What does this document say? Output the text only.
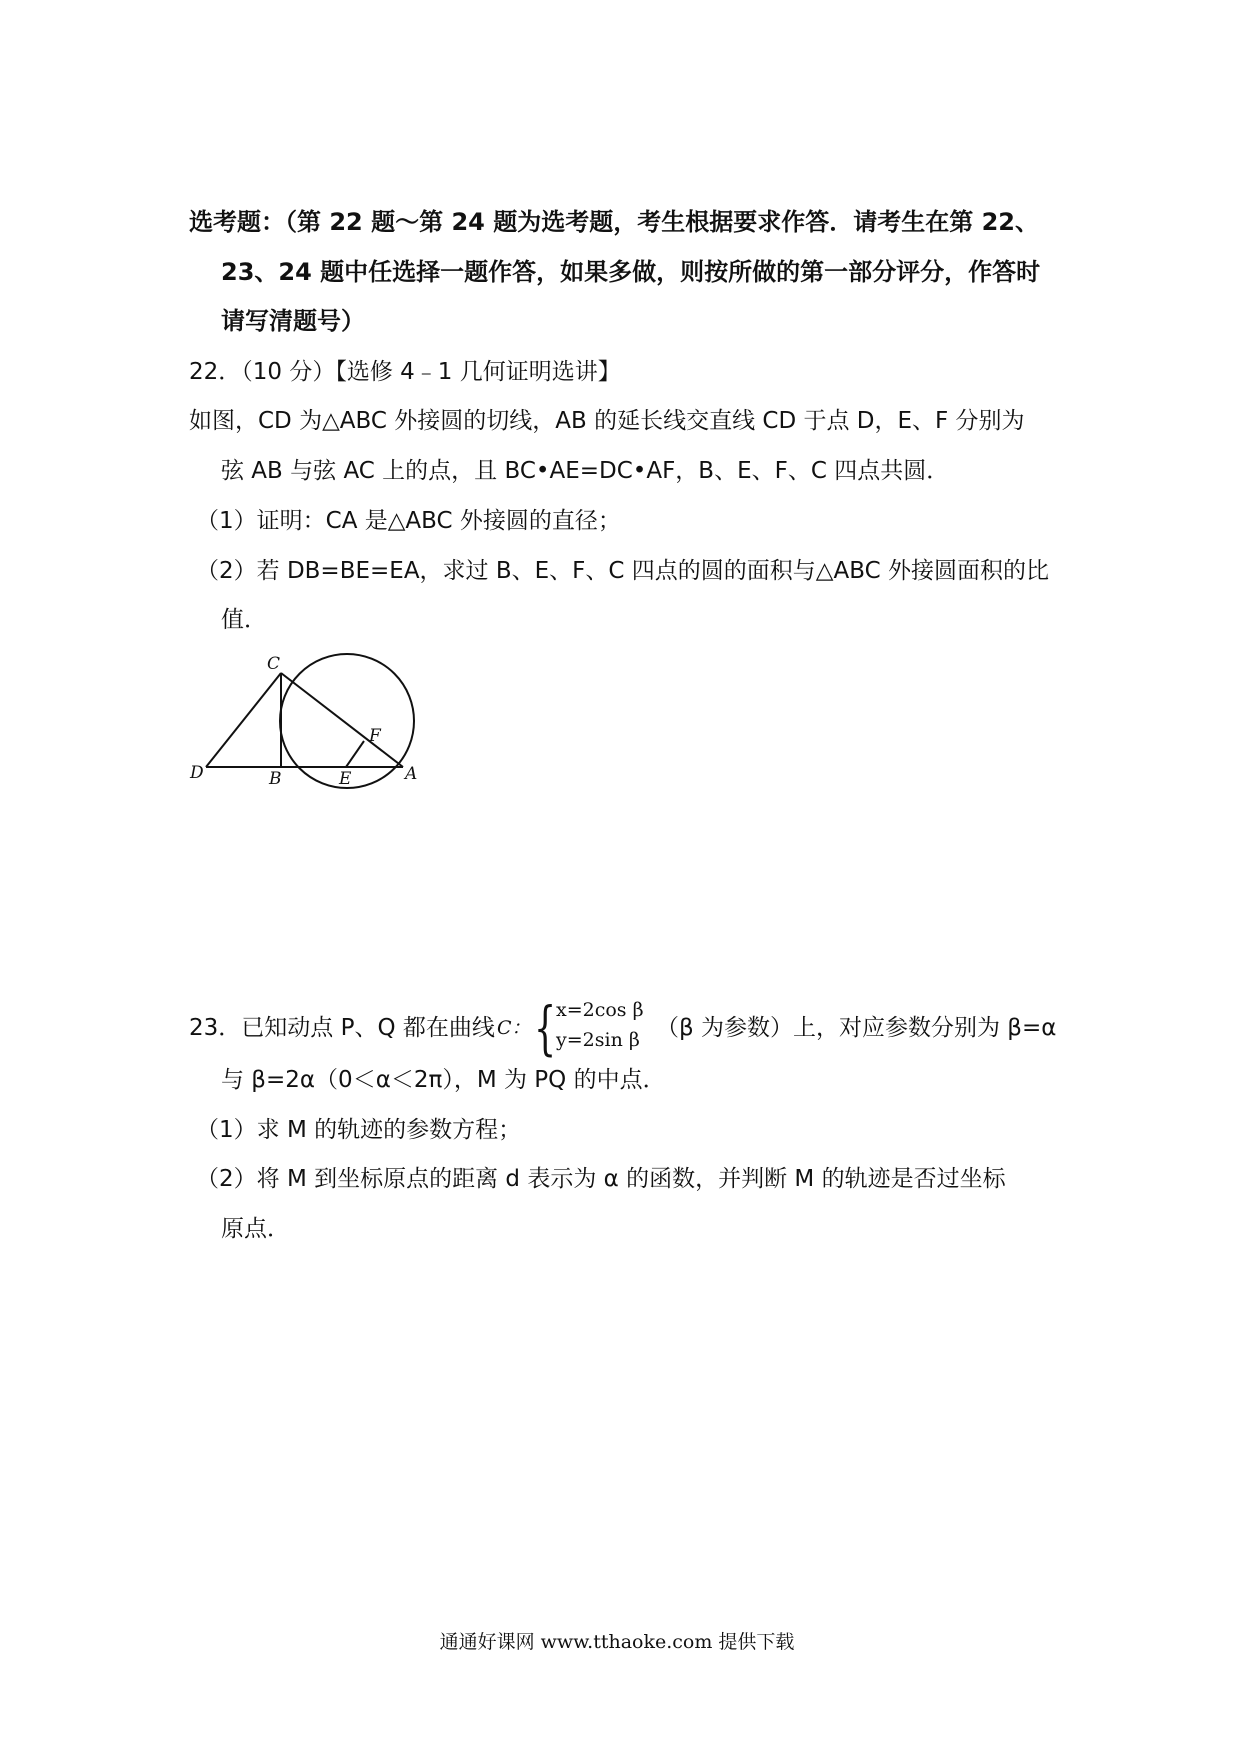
选考题：（第 22 题～第 24 题为选考题，考生根据要求作答．请考生在第 22、
23、24 题中任选择一题作答，如果多做，则按所做的第一部分评分，作答时
请写清题号）
22．（10 分）【选修 4﹣1 几何证明选讲】
如图，CD 为△ABC 外接圆的切线，AB 的延长线交直线 CD 于点 D，E、F 分别为
弦 AB 与弦 AC 上的点，且 BC•AE=DC•AF，B、E、F、C 四点共圆．
（1）证明：CA 是△ABC 外接圆的直径；
（2）若 DB=BE=EA，求过 B、E、F、C 四点的圆的面积与△ABC 外接圆面积的比
值．
C
D	B	E	A
F
23．已知动点 P、Q 都在曲线 C： { x=2cos β
y=2sin β （β 为参数）上，对应参数分别为 β=α
与 β=2α（0＜α＜2π），M 为 PQ 的中点．
（1）求 M 的轨迹的参数方程；
（2）将 M 到坐标原点的距离 d 表示为 α 的函数，并判断 M 的轨迹是否过坐标
原点．
通通好课网 www.tthaoke.com 提供下载
